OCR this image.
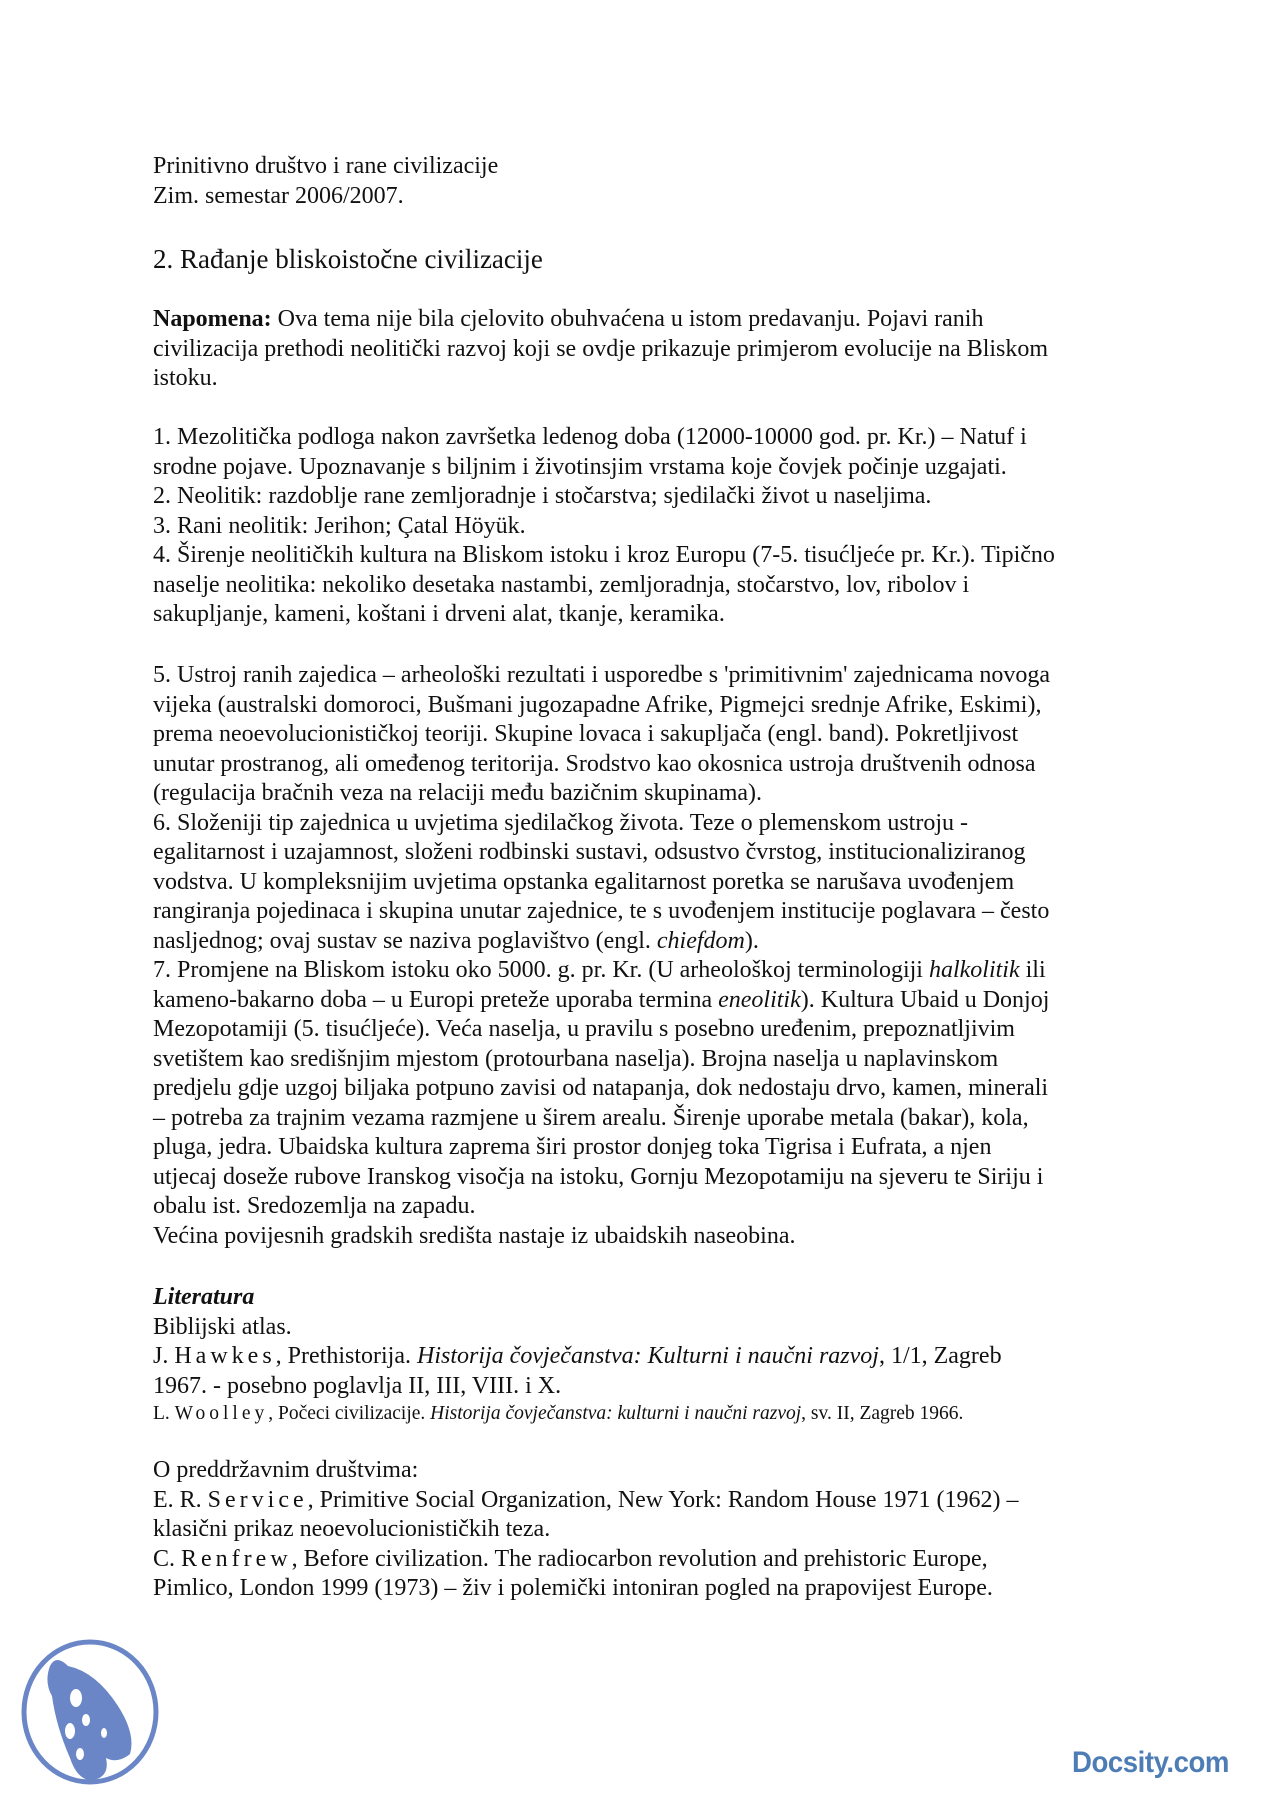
Prinitivno društvo i rane civilizacije
Zim. semestar 2006/2007.
2. Rađanje bliskoistočne civilizacije
Napomena: Ova tema nije bila cjelovito obuhvaćena u istom predavanju. Pojavi ranih
civilizacija prethodi neolitički razvoj koji se ovdje prikazuje primjerom evolucije na Bliskom
istoku.
1. Mezolitička podloga nakon završetka ledenog doba (12000-10000 god. pr. Kr.) – Natuf i
srodne pojave. Upoznavanje s biljnim i životinsjim vrstama koje čovjek počinje uzgajati.
2. Neolitik: razdoblje rane zemljoradnje i stočarstva; sjedilački život u naseljima.
3. Rani neolitik: Jerihon; Çatal Höyük.
4. Širenje neolitičkih kultura na Bliskom istoku i kroz Europu (7-5. tisućljeće pr. Kr.). Tipično
naselje neolitika: nekoliko desetaka nastambi, zemljoradnja, stočarstvo, lov, ribolov i
sakupljanje, kameni, koštani i drveni alat, tkanje, keramika.
5. Ustroj ranih zajedica – arheološki rezultati i usporedbe s 'primitivnim' zajednicama novoga
vijeka (australski domoroci, Bušmani jugozapadne Afrike, Pigmejci srednje Afrike, Eskimi),
prema neoevolucionističkoj teoriji. Skupine lovaca i sakupljača (engl. band). Pokretljivost
unutar prostranog, ali omeđenog teritorija. Srodstvo kao okosnica ustroja društvenih odnosa
(regulacija bračnih veza na relaciji među bazičnim skupinama).
6. Složeniji tip zajednica u uvjetima sjedilačkog života. Teze o plemenskom ustroju -
egalitarnost i uzajamnost, složeni rodbinski sustavi, odsustvo čvrstog, institucionaliziranog
vodstva. U kompleksnijim uvjetima opstanka egalitarnost poretka se narušava uvođenjem
rangiranja pojedinaca i skupina unutar zajednice, te s uvođenjem institucije poglavara – često
nasljednog; ovaj sustav se naziva poglavištvo (engl. chiefdom).
7. Promjene na Bliskom istoku oko 5000. g. pr. Kr. (U arheološkoj terminologiji halkolitik ili
kameno-bakarno doba – u Europi preteže uporaba termina eneolitik). Kultura Ubaid u Donjoj
Mezopotamiji (5. tisućljeće). Veća naselja, u pravilu s posebno uređenim, prepoznatljivim
svetištem kao središnjim mjestom (protourbana naselja). Brojna naselja u naplavinskom
predjelu gdje uzgoj biljaka potpuno zavisi od natapanja, dok nedostaju drvo, kamen, minerali
– potreba za trajnim vezama razmjene u širem arealu. Širenje uporabe metala (bakar), kola,
pluga, jedra. Ubaidska kultura zaprema širi prostor donjeg toka Tigrisa i Eufrata, a njen
utjecaj doseže rubove Iranskog visočja na istoku, Gornju Mezopotamiju na sjeveru te Siriju i
obalu ist. Sredozemlja na zapadu.
Većina povijesnih gradskih središta nastaje iz ubaidskih naseobina.
Literatura
Biblijski atlas.
J. Hawkes, Prethistorija. Historija čovječanstva: Kulturni i naučni razvoj, 1/1, Zagreb
1967. - posebno poglavlja II, III, VIII. i X.
L. Woolley, Počeci civilizacije. Historija čovječanstva: kulturni i naučni razvoj, sv. II, Zagreb 1966.
O preddržavnim društvima:
E. R. Service, Primitive Social Organization, New York: Random House 1971 (1962) –
klasični prikaz neoevolucionističkih teza.
C. Renfrew, Before civilization. The radiocarbon revolution and prehistoric Europe,
Pimlico, London 1999 (1973) – živ i polemički intoniran pogled na prapovijest Europe.
Docsity.com
